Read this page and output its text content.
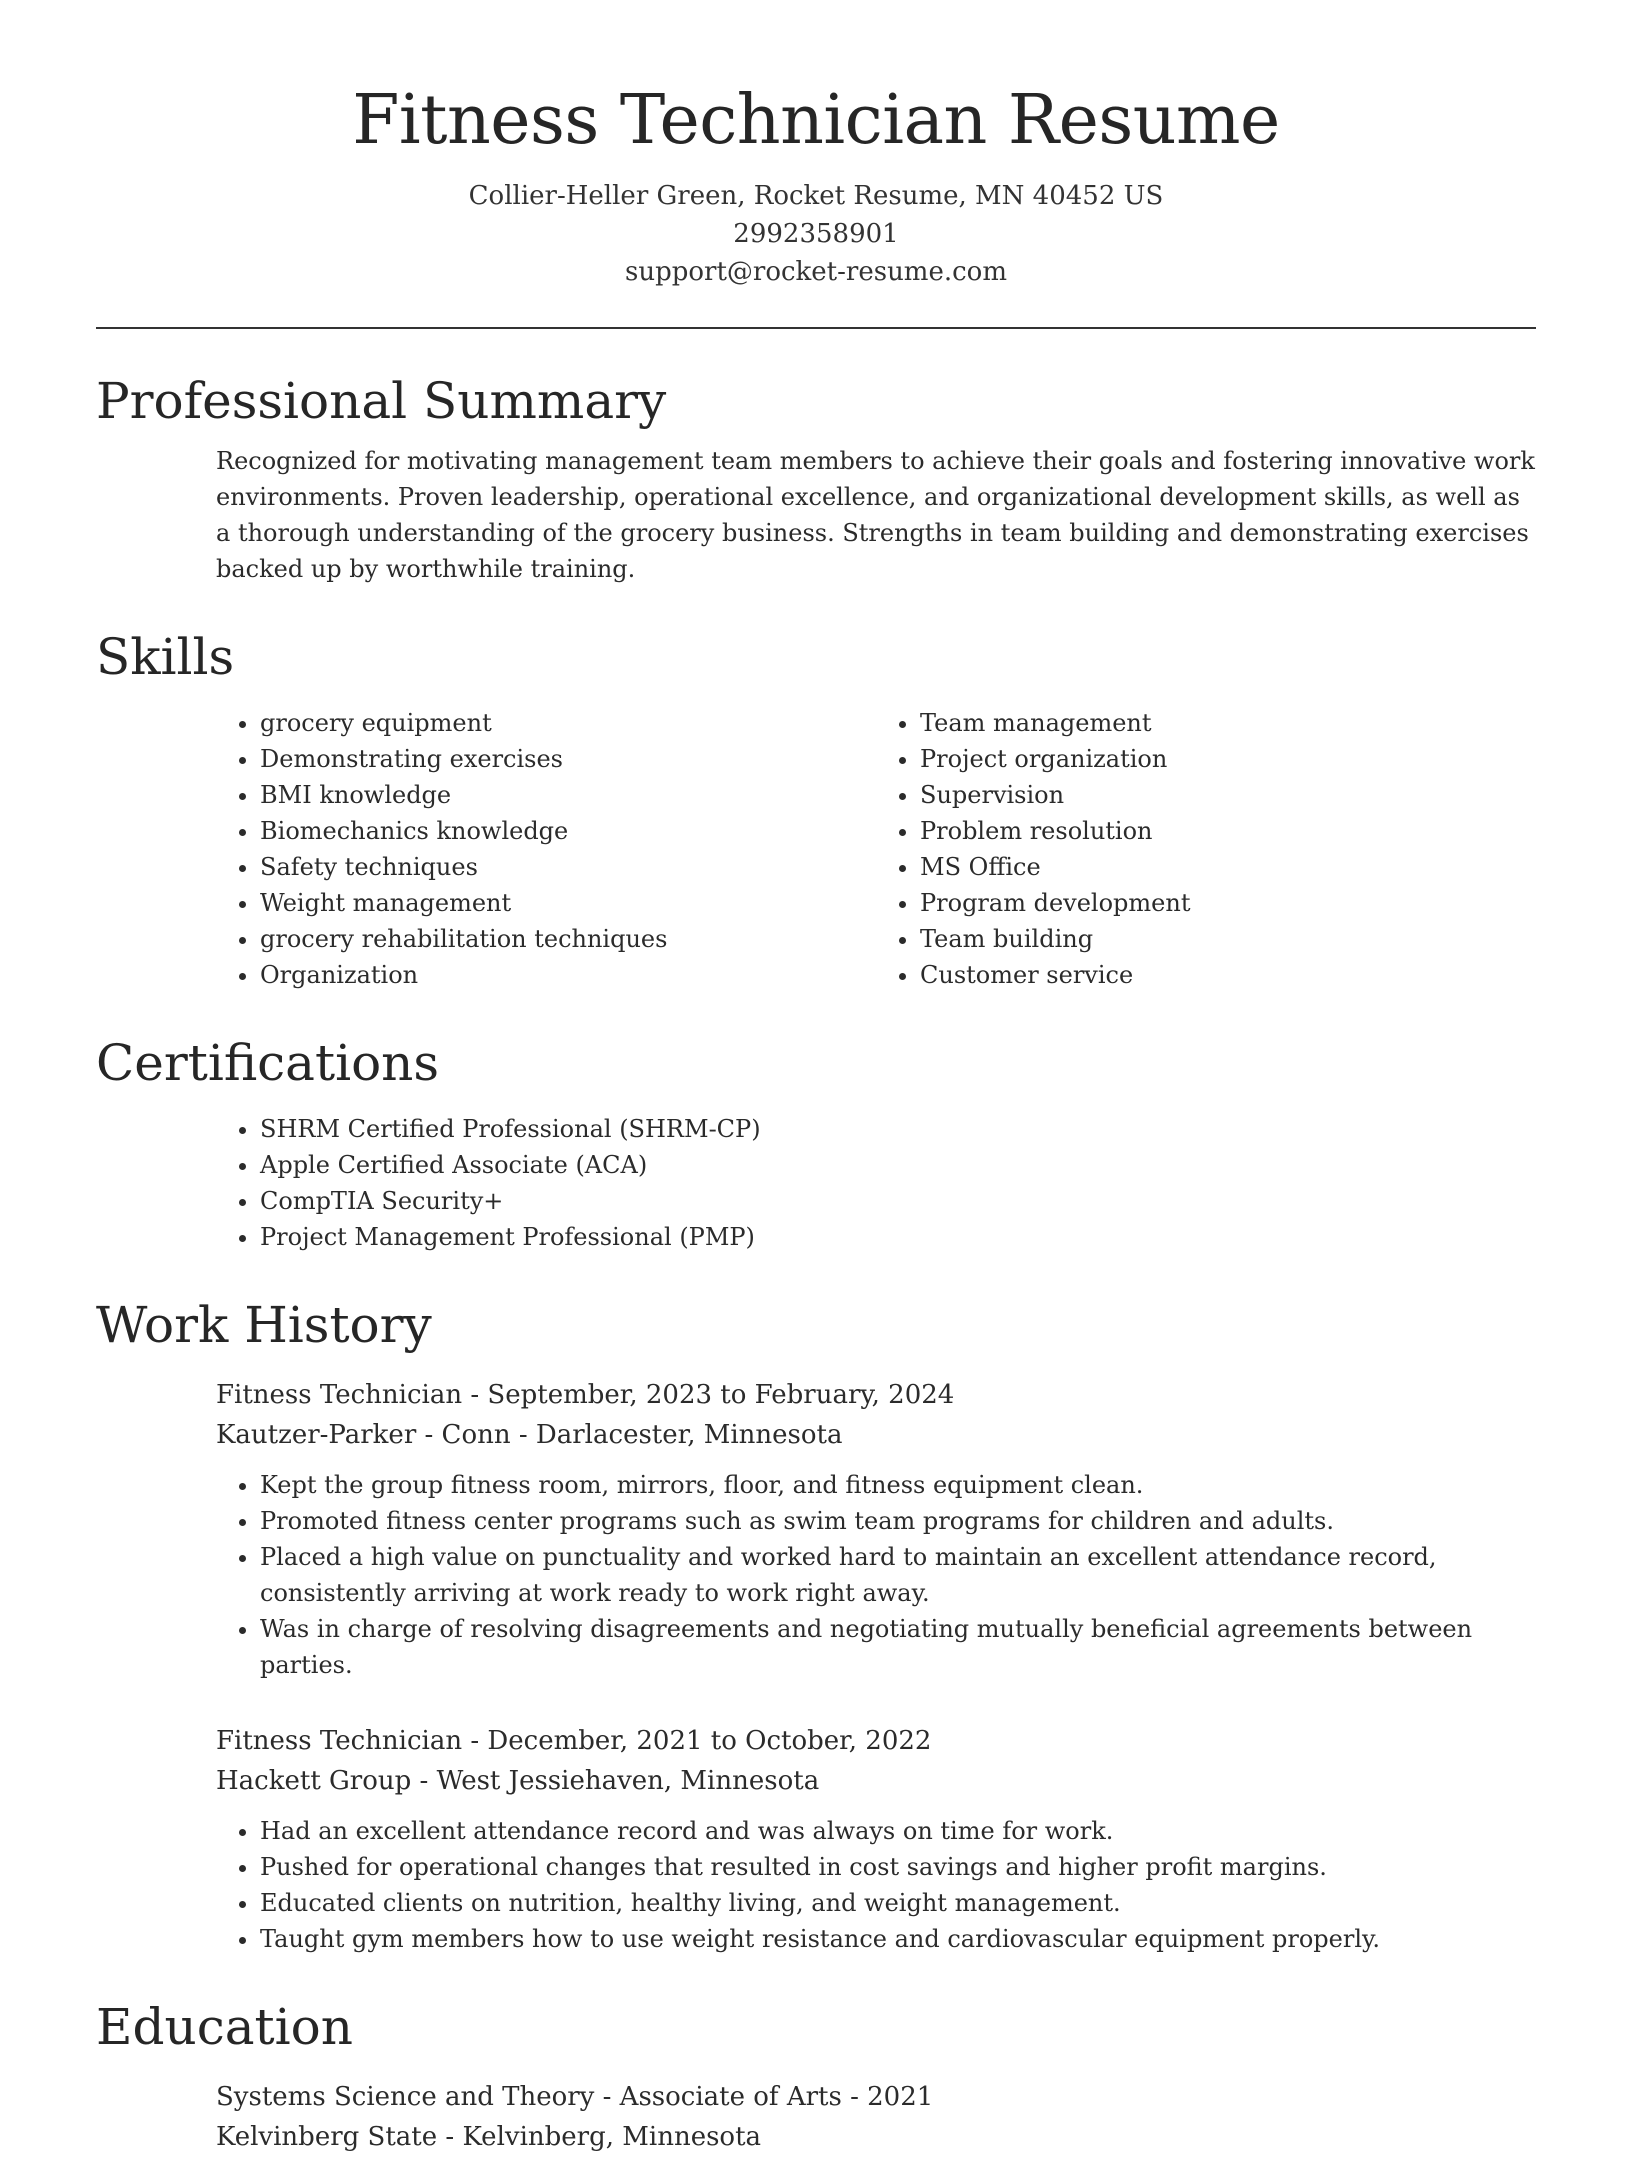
Fitness Technician Resume
Collier-Heller Green, Rocket Resume, MN 40452 US
2992358901
support@rocket-resume.com
Professional Summary
Recognized for motivating management team members to achieve their goals and fostering innovative work environments. Proven leadership, operational excellence, and organizational development skills, as well as a thorough understanding of the grocery business. Strengths in team building and demonstrating exercises backed up by worthwhile training.
Skills
• grocery equipment
• Demonstrating exercises
• BMI knowledge
• Biomechanics knowledge
• Safety techniques
• Weight management
• grocery rehabilitation techniques
• Organization
• Team management
• Project organization
• Supervision
• Problem resolution
• MS Office
• Program development
• Team building
• Customer service
Certifications
• SHRM Certified Professional (SHRM-CP)
• Apple Certified Associate (ACA)
• CompTIA Security+
• Project Management Professional (PMP)
Work History
Fitness Technician - September, 2023 to February, 2024
Kautzer-Parker - Conn - Darlacester, Minnesota
• Kept the group fitness room, mirrors, floor, and fitness equipment clean.
• Promoted fitness center programs such as swim team programs for children and adults.
• Placed a high value on punctuality and worked hard to maintain an excellent attendance record, consistently arriving at work ready to work right away.
• Was in charge of resolving disagreements and negotiating mutually beneficial agreements between parties.
Fitness Technician - December, 2021 to October, 2022
Hackett Group - West Jessiehaven, Minnesota
• Had an excellent attendance record and was always on time for work.
• Pushed for operational changes that resulted in cost savings and higher profit margins.
• Educated clients on nutrition, healthy living, and weight management.
• Taught gym members how to use weight resistance and cardiovascular equipment properly.
Education
Systems Science and Theory - Associate of Arts - 2021
Kelvinberg State - Kelvinberg, Minnesota
